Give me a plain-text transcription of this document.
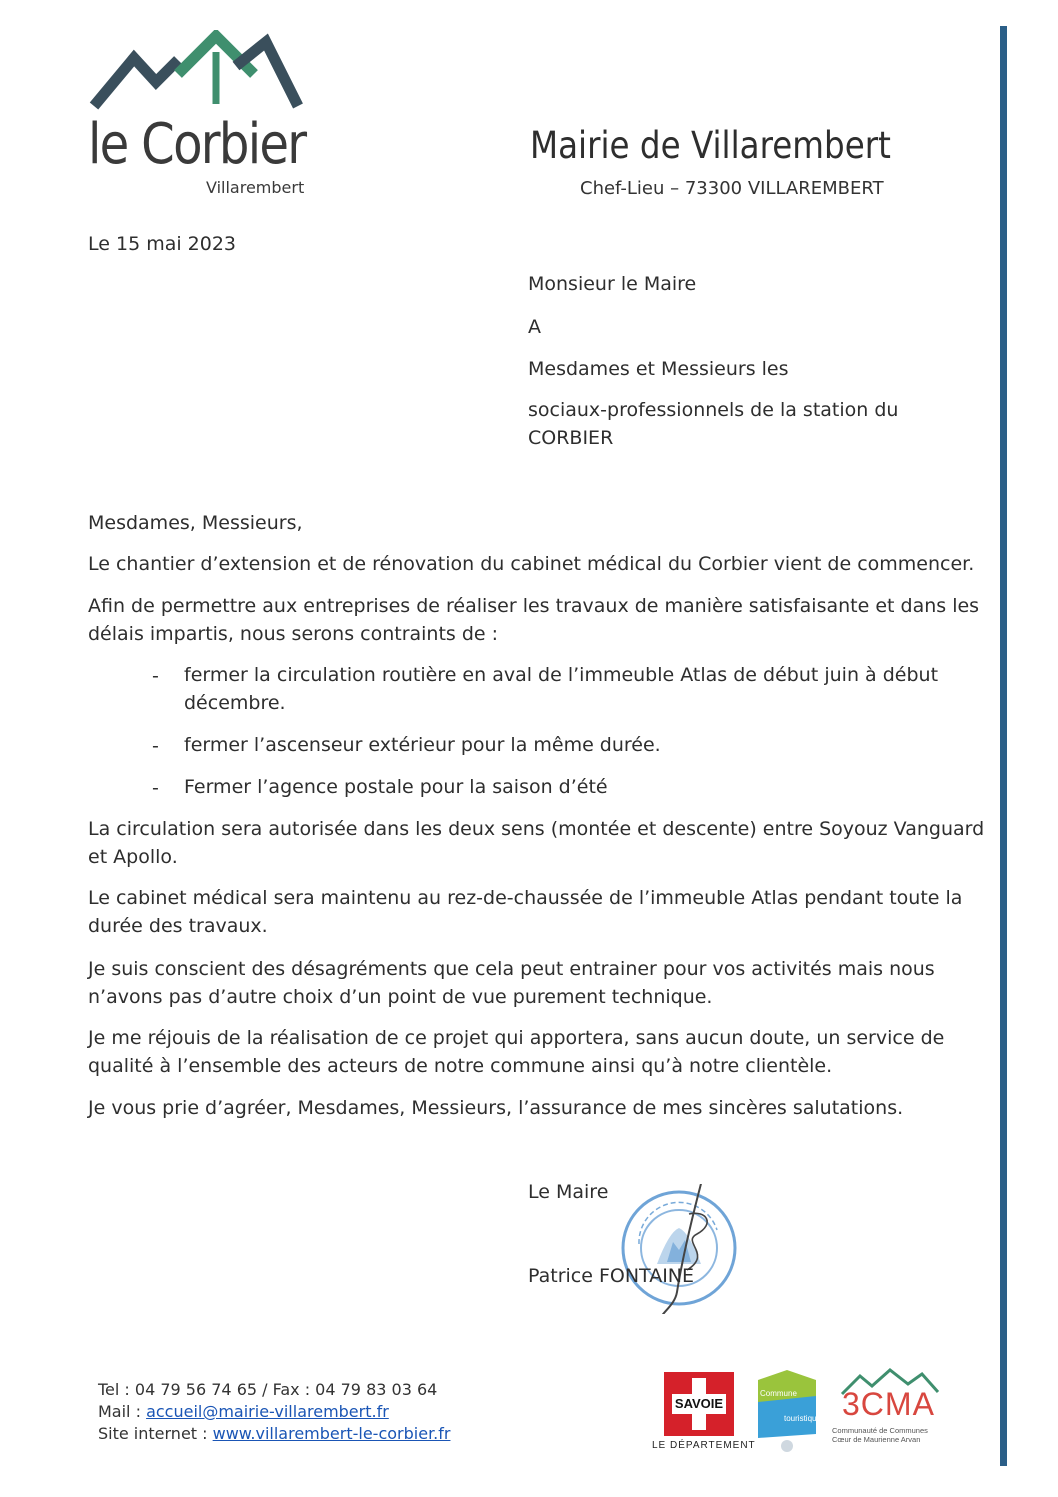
le Corbier
Villarembert
Mairie de Villarembert
Chef-Lieu – 73300 VILLAREMBERT
Le 15 mai 2023
Monsieur le Maire
A
Mesdames et Messieurs les
sociaux-professionnels de la station du
CORBIER
Mesdames, Messieurs,
Le chantier d’extension et de rénovation du cabinet médical du Corbier vient de commencer.
Afin de permettre aux entreprises de réaliser les travaux de manière satisfaisante et dans les
délais impartis, nous serons contraints de :
- fermer la circulation routière en aval de l’immeuble Atlas de début juin à début
décembre.
- fermer l’ascenseur extérieur pour la même durée.
- Fermer l’agence postale pour la saison d’été
La circulation sera autorisée dans les deux sens (montée et descente) entre Soyouz Vanguard
et Apollo.
Le cabinet médical sera maintenu au rez-de-chaussée de l’immeuble Atlas pendant toute la
durée des travaux.
Je suis conscient des désagréments que cela peut entrainer pour vos activités mais nous
n’avons pas d’autre choix d’un point de vue purement technique.
Je me réjouis de la réalisation de ce projet qui apportera, sans aucun doute, un service de
qualité à l’ensemble des acteurs de notre commune ainsi qu’à notre clientèle.
Je vous prie d’agréer, Mesdames, Messieurs, l’assurance de mes sincères salutations.
Le Maire
Patrice FONTAINE
Tel : 04 79 56 74 65 / Fax : 04 79 83 03 64
Mail : accueil@mairie-villarembert.fr
Site internet : www.villarembert-le-corbier.fr
SAVOIE
LE DÉPARTEMENT
Commune
touristique 3CMA
Communauté de Communes
Cœur de Maurienne Arvan
